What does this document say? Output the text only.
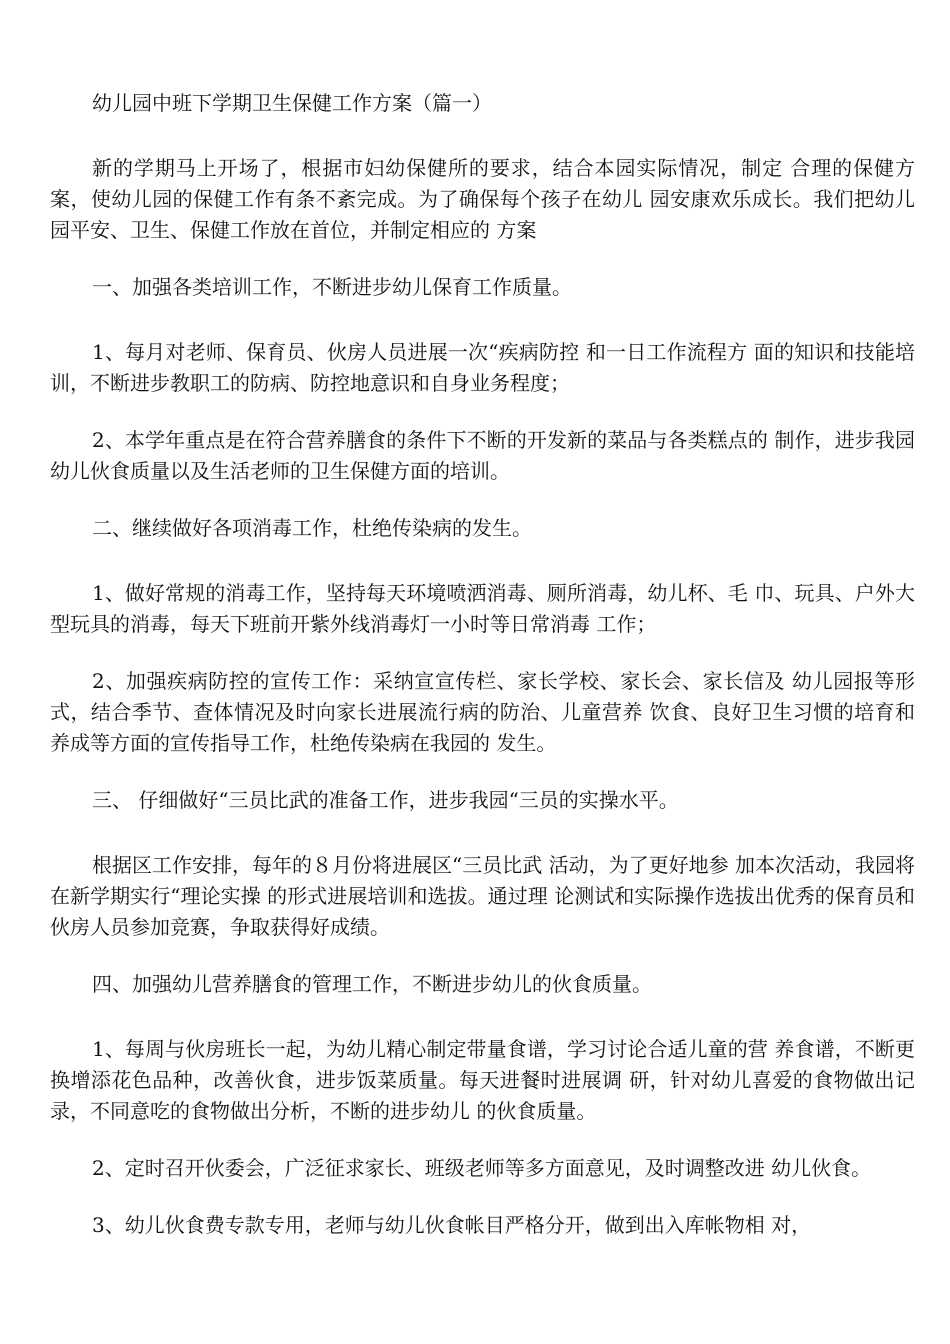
幼儿园中班下学期卫生保健工作方案（篇一）

新的学期马上开场了，根据市妇幼保健所的要求，结合本园实际情况，制定 合理的保健方案，使幼儿园的保健工作有条不紊完成。为了确保每个孩子在幼儿 园安康欢乐成长。我们把幼儿园平安、卫生、保健工作放在首位，并制定相应的 方案

一、加强各类培训工作，不断进步幼儿保育工作质量。

1、每月对老师、保育员、伙房人员进展一次“疾病防控 和一日工作流程方 面的知识和技能培训，不断进步教职工的防病、防控地意识和自身业务程度；

2、本学年重点是在符合营养膳食的条件下不断的开发新的菜品与各类糕点的 制作，进步我园幼儿伙食质量以及生活老师的卫生保健方面的培训。

二、继续做好各项消毒工作，杜绝传染病的发生。

1、做好常规的消毒工作，坚持每天环境喷洒消毒、厕所消毒，幼儿杯、毛 巾、玩具、户外大型玩具的消毒，每天下班前开紫外线消毒灯一小时等日常消毒 工作；

2、加强疾病防控的宣传工作：采纳宣宣传栏、家长学校、家长会、家长信及 幼儿园报等形式，结合季节、查体情况及时向家长进展流行病的防治、儿童营养 饮食、良好卫生习惯的培育和养成等方面的宣传指导工作，杜绝传染病在我园的 发生。

三、 仔细做好“三员比武的准备工作，进步我园“三员的实操水平。

根据区工作安排，每年的８月份将进展区“三员比武 活动，为了更好地参 加本次活动，我园将在新学期实行“理论实操 的形式进展培训和选拔。通过理 论测试和实际操作选拔出优秀的保育员和伙房人员参加竞赛，争取获得好成绩。

四、加强幼儿营养膳食的管理工作，不断进步幼儿的伙食质量。

1、每周与伙房班长一起，为幼儿精心制定带量食谱，学习讨论合适儿童的营 养食谱，不断更换增添花色品种，改善伙食，进步饭菜质量。每天进餐时进展调 研，针对幼儿喜爱的食物做出记录，不同意吃的食物做出分析，不断的进步幼儿 的伙食质量。

2、定时召开伙委会，广泛征求家长、班级老师等多方面意见，及时调整改进 幼儿伙食。

3、幼儿伙食费专款专用，老师与幼儿伙食帐目严格分开，做到出入库帐物相 对，
